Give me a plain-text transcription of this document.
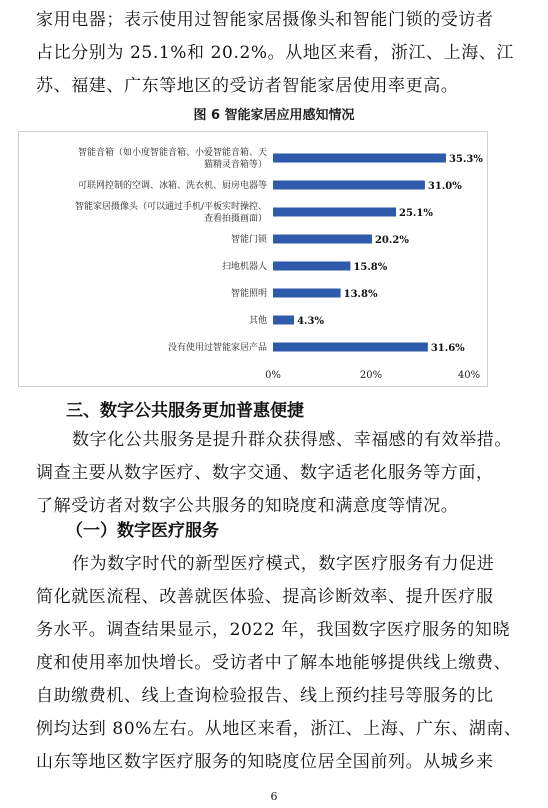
家用电器；表示使用过智能家居摄像头和智能门锁的受访者
占比分别为 25.1%和 20.2%。从地区来看，浙江、上海、江
苏、福建、广东等地区的受访者智能家居使用率更高。
图 6 智能家居应用感知情况
35.3%
智能音箱（如小度智能音箱、小爱智能音箱、天
猫精灵音箱等）
31.0%
可联网控制的空调、冰箱、洗衣机、厨房电器等
25.1%
智能家居摄像头（可以通过手机/平板实时操控、
查看拍摄画面）
20.2%
智能门锁
15.8%
扫地机器人
13.8%
智能照明
4.3%
其他
31.6%
没有使用过智能家居产品
0%	20%	40%
三、数字公共服务更加普惠便捷
数字化公共服务是提升群众获得感、幸福感的有效举措。
调查主要从数字医疗、数字交通、数字适老化服务等方面，
了解受访者对数字公共服务的知晓度和满意度等情况。
（一）数字医疗服务
作为数字时代的新型医疗模式，数字医疗服务有力促进
简化就医流程、改善就医体验、提高诊断效率、提升医疗服
务水平。调查结果显示，2022 年，我国数字医疗服务的知晓
度和使用率加快增长。受访者中了解本地能够提供线上缴费、
自助缴费机、线上查询检验报告、线上预约挂号等服务的比
例均达到 80%左右。从地区来看，浙江、上海、广东、湖南、
山东等地区数字医疗服务的知晓度位居全国前列。从城乡来
6
